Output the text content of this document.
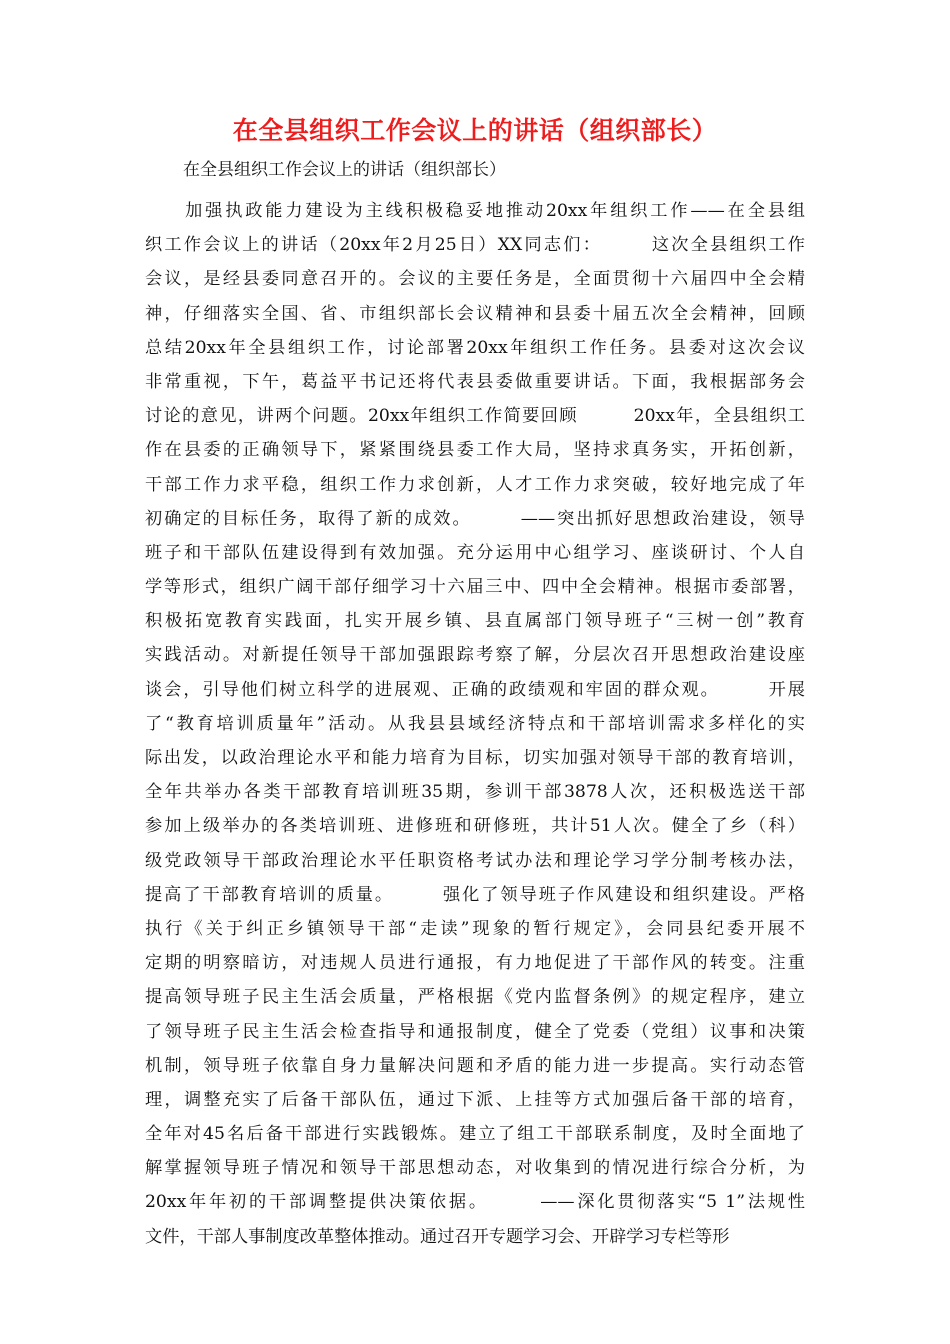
在全县组织工作会议上的讲话（组织部长）

在全县组织工作会议上的讲话（组织部长）

　　加强执政能力建设为主线积极稳妥地推动20xx年组织工作——在全县组
织工作会议上的讲话（20xx年2月25日）XX同志们：　　　这次全县组织工作
会议，是经县委同意召开的。会议的主要任务是，全面贯彻十六届四中全会精
神，仔细落实全国、省、市组织部长会议精神和县委十届五次全会精神，回顾
总结20xx年全县组织工作，讨论部署20xx年组织工作任务。县委对这次会议
非常重视，下午，葛益平书记还将代表县委做重要讲话。下面，我根据部务会
讨论的意见，讲两个问题。20xx年组织工作简要回顾　　　20xx年，全县组织工
作在县委的正确领导下，紧紧围绕县委工作大局，坚持求真务实，开拓创新，
干部工作力求平稳，组织工作力求创新，人才工作力求突破，较好地完成了年
初确定的目标任务，取得了新的成效。　　　——突出抓好思想政治建设，领导
班子和干部队伍建设得到有效加强。充分运用中心组学习、座谈研讨、个人自
学等形式，组织广阔干部仔细学习十六届三中、四中全会精神。根据市委部署，
积极拓宽教育实践面，扎实开展乡镇、县直属部门领导班子“三树一创”教育
实践活动。对新提任领导干部加强跟踪考察了解，分层次召开思想政治建设座
谈会，引导他们树立科学的进展观、正确的政绩观和牢固的群众观。　　　开展
了“教育培训质量年”活动。从我县县域经济特点和干部培训需求多样化的实
际出发，以政治理论水平和能力培育为目标，切实加强对领导干部的教育培训，
全年共举办各类干部教育培训班35期，参训干部3878人次，还积极选送干部
参加上级举办的各类培训班、进修班和研修班，共计51人次。健全了乡（科）
级党政领导干部政治理论水平任职资格考试办法和理论学习学分制考核办法，
提高了干部教育培训的质量。　　　强化了领导班子作风建设和组织建设。严格
执行《关于纠正乡镇领导干部“走读”现象的暂行规定》，会同县纪委开展不
定期的明察暗访，对违规人员进行通报，有力地促进了干部作风的转变。注重
提高领导班子民主生活会质量，严格根据《党内监督条例》的规定程序，建立
了领导班子民主生活会检查指导和通报制度，健全了党委（党组）议事和决策
机制，领导班子依靠自身力量解决问题和矛盾的能力进一步提高。实行动态管
理，调整充实了后备干部队伍，通过下派、上挂等方式加强后备干部的培育，
全年对45名后备干部进行实践锻炼。建立了组工干部联系制度，及时全面地了
解掌握领导班子情况和领导干部思想动态，对收集到的情况进行综合分析，为
20xx年年初的干部调整提供决策依据。　　　——深化贯彻落实“5 1”法规性
文件，干部人事制度改革整体推动。通过召开专题学习会、开辟学习专栏等形
